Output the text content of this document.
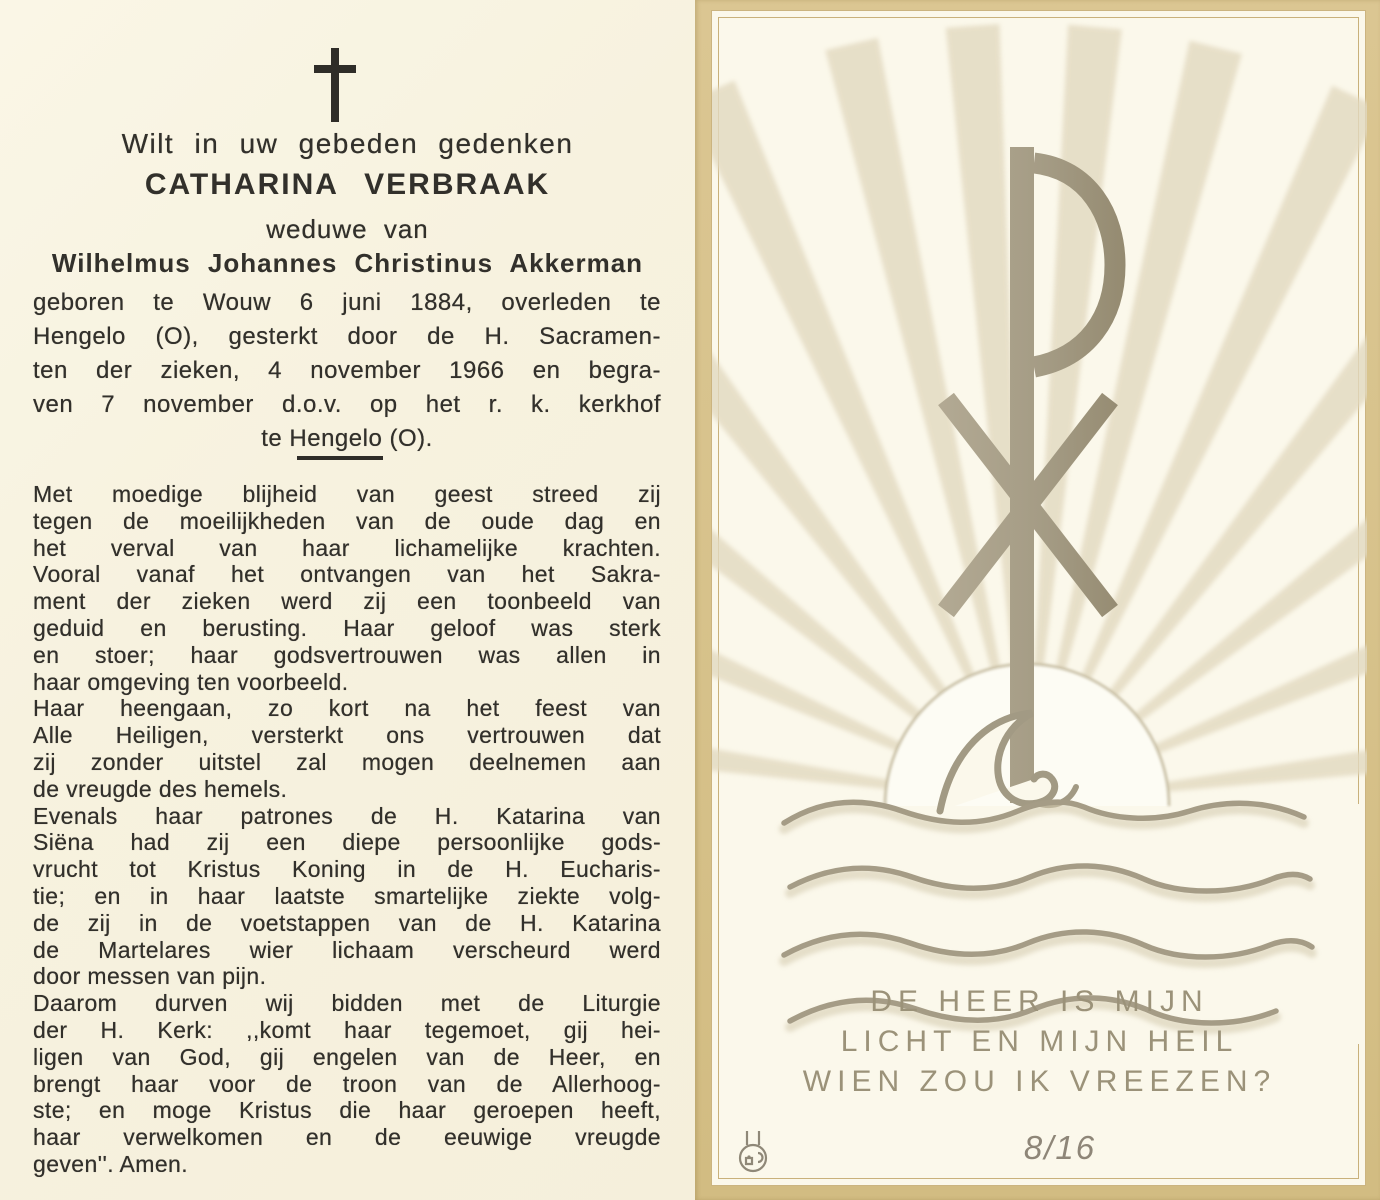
Wilt in uw gebeden gedenken
CATHARINA VERBRAAK
weduwe van
Wilhelmus Johannes Christinus Akkerman
geboren te Wouw 6 juni 1884, overleden te
Hengelo (O), gesterkt door de H. Sacramen-
ten der zieken, 4 november 1966 en begra-
ven 7 november d.o.v. op het r. k. kerkhof
te Hengelo (O).
Met moedige blijheid van geest streed zij
tegen de moeilijkheden van de oude dag en
het verval van haar lichamelijke krachten.
Vooral vanaf het ontvangen van het Sakra-
ment der zieken werd zij een toonbeeld van
geduid en berusting. Haar geloof was sterk
en stoer; haar godsvertrouwen was allen in
haar omgeving ten voorbeeld.
Haar heengaan, zo kort na het feest van
Alle Heiligen, versterkt ons vertrouwen dat
zij zonder uitstel zal mogen deelnemen aan
de vreugde des hemels.
Evenals haar patrones de H. Katarina van
Siëna had zij een diepe persoonlijke gods-
vrucht tot Kristus Koning in de H. Eucharis-
tie; en in haar laatste smartelijke ziekte volg-
de zij in de voetstappen van de H. Katarina
de Martelares wier lichaam verscheurd werd
door messen van pijn.
Daarom durven wij bidden met de Liturgie
der H. Kerk: ,,komt haar tegemoet, gij hei-
ligen van God, gij engelen van de Heer, en
brengt haar voor de troon van de Allerhoog-
ste; en moge Kristus die haar geroepen heeft,
haar verwelkomen en de eeuwige vreugde
geven''. Amen.
DE HEER IS MIJN
LICHT EN MIJN HEIL
WIEN ZOU IK VREEZEN?
8/16
